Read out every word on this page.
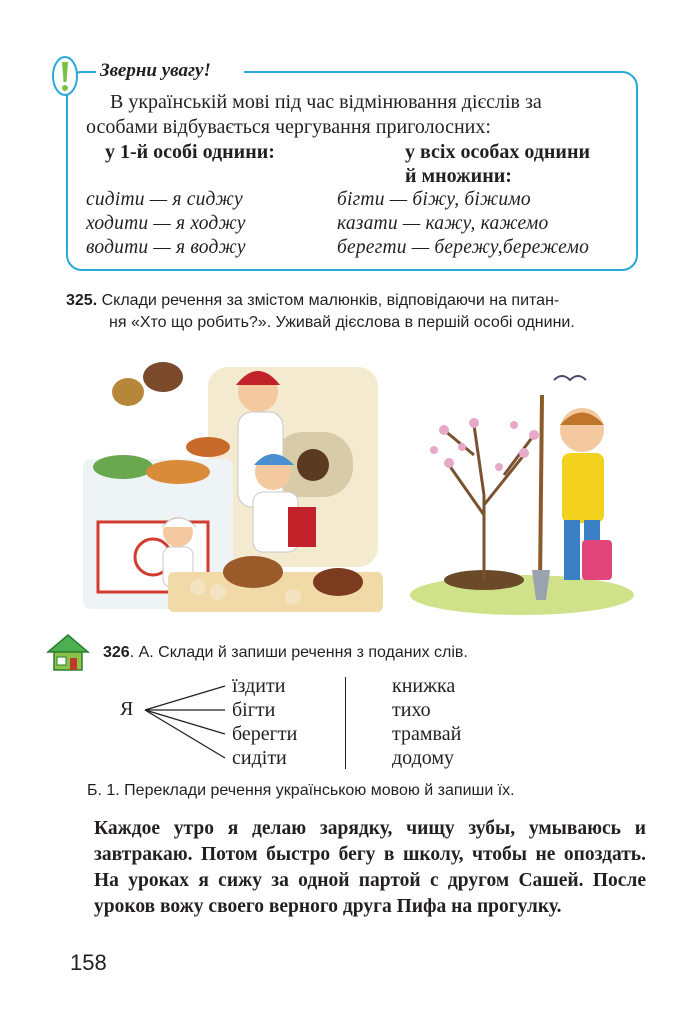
Зверни увагу!
В українській мові під час відмінювання дієслів за
особами відбувається чергування приголосних:
у 1-й особі однини:	у всіх особах однини
й множини:
сидіти — я сиджу
ходити — я ходжу
водити — я воджу
бігти — біжу, біжимо
казати — кажу, кажемо
берегти — бережу,бережемо
325. Склади речення за змістом малюнків, відповідаючи на питан-
ня «Хто що робить?». Уживай дієслова в першій особі однини.
326. А. Склади й запиши речення з поданих слів.
Я
їздити
бігти
берегти
сидіти
книжка
тихо
трамвай
додому
Б. 1. Переклади речення українською мовою й запиши їх.
Каждое утро я делаю зарядку, чищу зубы, умываюсь и завтракаю. Потом быстро бегу в школу, чтобы не опоздать. На уроках я сижу за одной партой с другом Сашей. После уроков вожу своего верного друга Пифа на прогулку.
158
